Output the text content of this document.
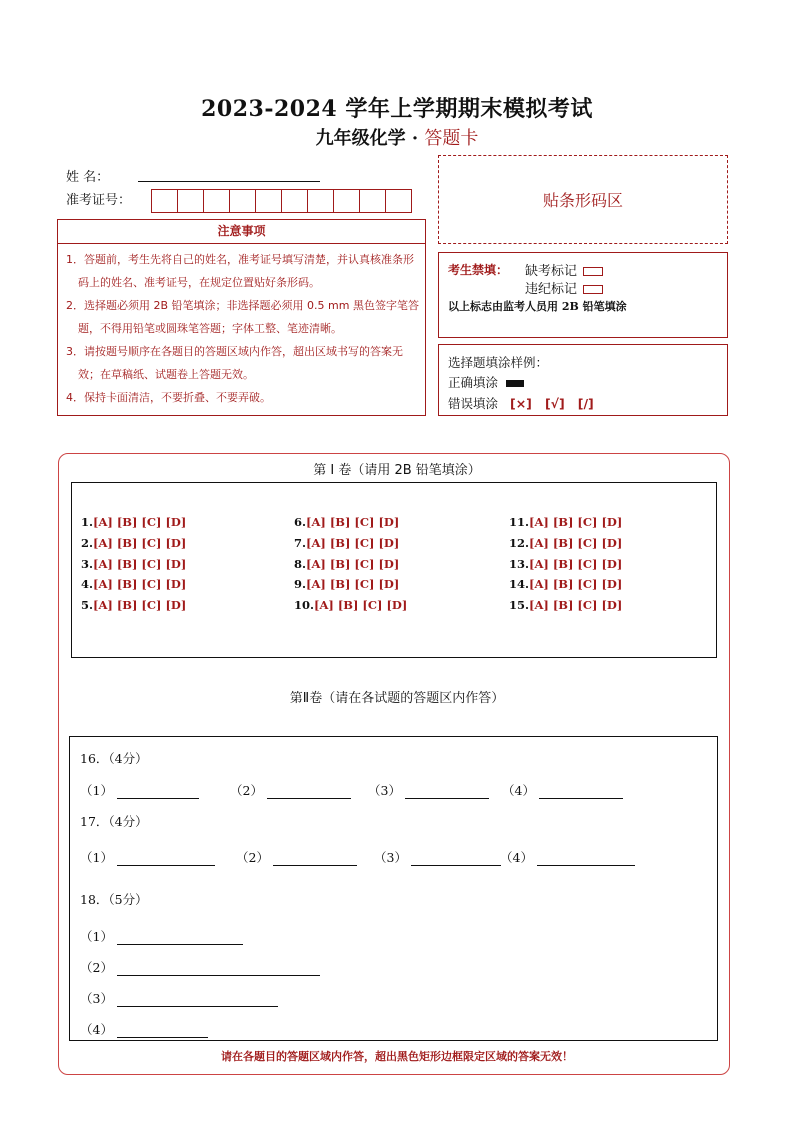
2023-2024 学年上学期期末模拟考试
九年级化学 · 答题卡
姓 名：
准考证号：	贴条形码区
注意事项
1．答题前，考生先将自己的姓名，准考证号填写清楚，并认真核准条形码上的姓名、准考证号，在规定位置贴好条形码。
2．选择题必须用 2B 铅笔填涂；非选择题必须用 0.5 mm 黑色签字笔答题，不得用铅笔或圆珠笔答题；字体工整、笔迹清晰。
3．请按题号顺序在各题目的答题区域内作答，超出区域书写的答案无效；在草稿纸、试题卷上答题无效。
4．保持卡面清洁，不要折叠、不要弄破。
考生禁填： 缺考标记
违纪标记
以上标志由监考人员用 2B 铅笔填涂
选择题填涂样例：
正确填涂
错误填涂 [×]   [√]   [/]
第 I 卷（请用 2B 铅笔填涂）
1.[A] [B] [C] [D]
2.[A] [B] [C] [D]
3.[A] [B] [C] [D]
4.[A] [B] [C] [D]
5.[A] [B] [C] [D]
6.[A] [B] [C] [D]
7.[A] [B] [C] [D]
8.[A] [B] [C] [D]
9.[A] [B] [C] [D]
10.[A] [B] [C] [D]
11.[A] [B] [C] [D]
12.[A] [B] [C] [D]
13.[A] [B] [C] [D]
14.[A] [B] [C] [D]
15.[A] [B] [C] [D]
第Ⅱ卷（请在各试题的答题区内作答）
16．（4分）
（1）	（2）	（3）	（4）
17．（4分）
（1）	（2）	（3）	（4）
18．（5分）
（1）
（2）
（3）
（4）
请在各题目的答题区域内作答，超出黑色矩形边框限定区域的答案无效！
